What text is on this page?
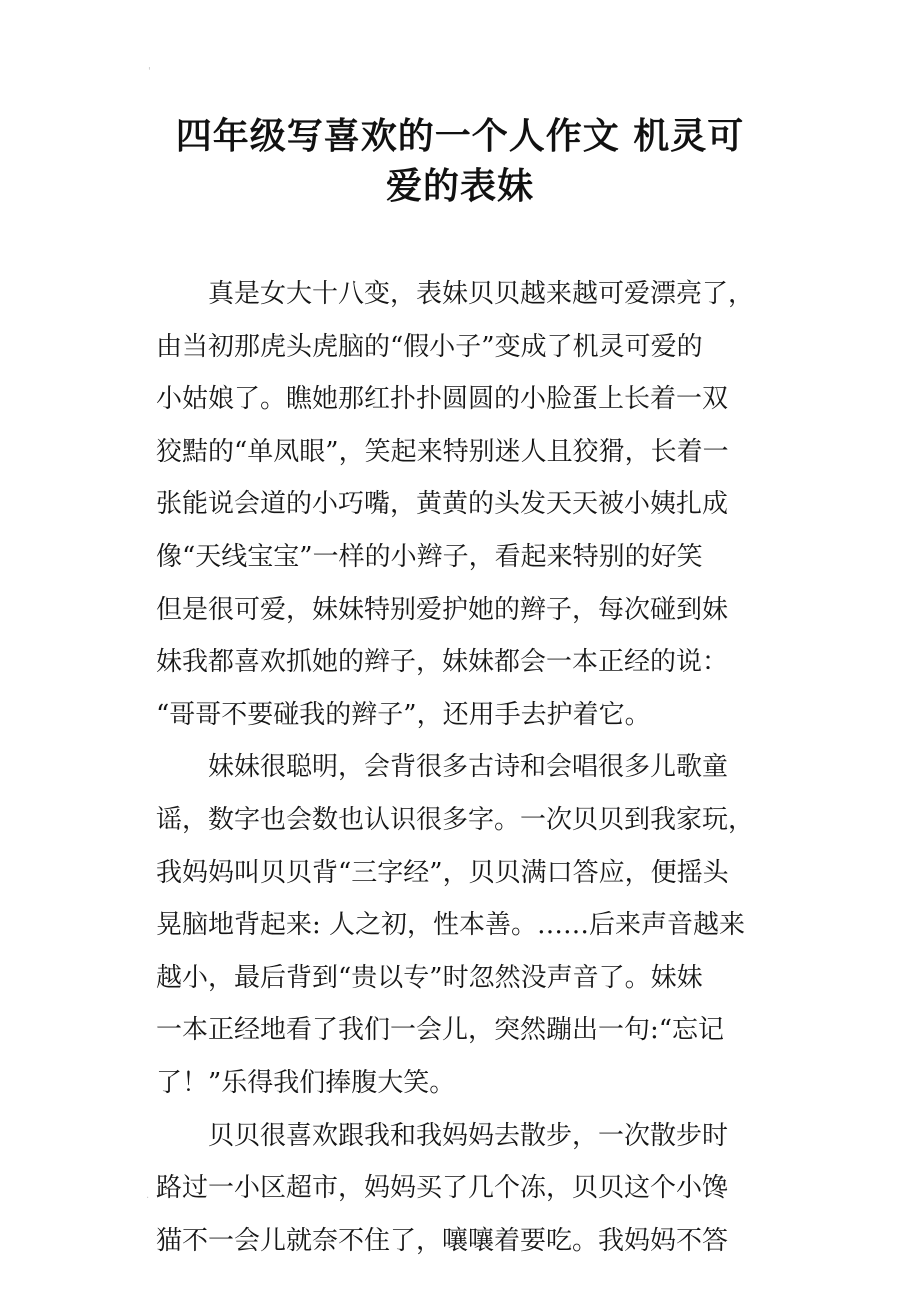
'
.
四年级写喜欢的一个人作文 机灵可
爱的表妹
真是女大十八变，表妹贝贝越来越可爱漂亮了，
由当初那虎头虎脑的“假小子”变成了机灵可爱的
小姑娘了。瞧她那红扑扑圆圆的小脸蛋上长着一双
狡黠的“单凤眼”，笑起来特别迷人且狡猾，长着一
张能说会道的小巧嘴，黄黄的头发天天被小姨扎成
像“天线宝宝”一样的小辫子，看起来特别的好笑
但是很可爱，妹妹特别爱护她的辫子，每次碰到妹
妹我都喜欢抓她的辫子，妹妹都会一本正经的说：
“哥哥不要碰我的辫子”，还用手去护着它。
妹妹很聪明，会背很多古诗和会唱很多儿歌童
谣，数字也会数也认识很多字。一次贝贝到我家玩，
我妈妈叫贝贝背“三字经”，贝贝满口答应，便摇头
晃脑地背起来: 人之初，性本善。……后来声音越来
越小，最后背到“贵以专”时忽然没声音了。妹妹
一本正经地看了我们一会儿，突然蹦出一句:“忘记
了！”乐得我们捧腹大笑。
贝贝很喜欢跟我和我妈妈去散步，一次散步时
路过一小区超市，妈妈买了几个冻，贝贝这个小馋
猫不一会儿就奈不住了，嚷嚷着要吃。我妈妈不答
